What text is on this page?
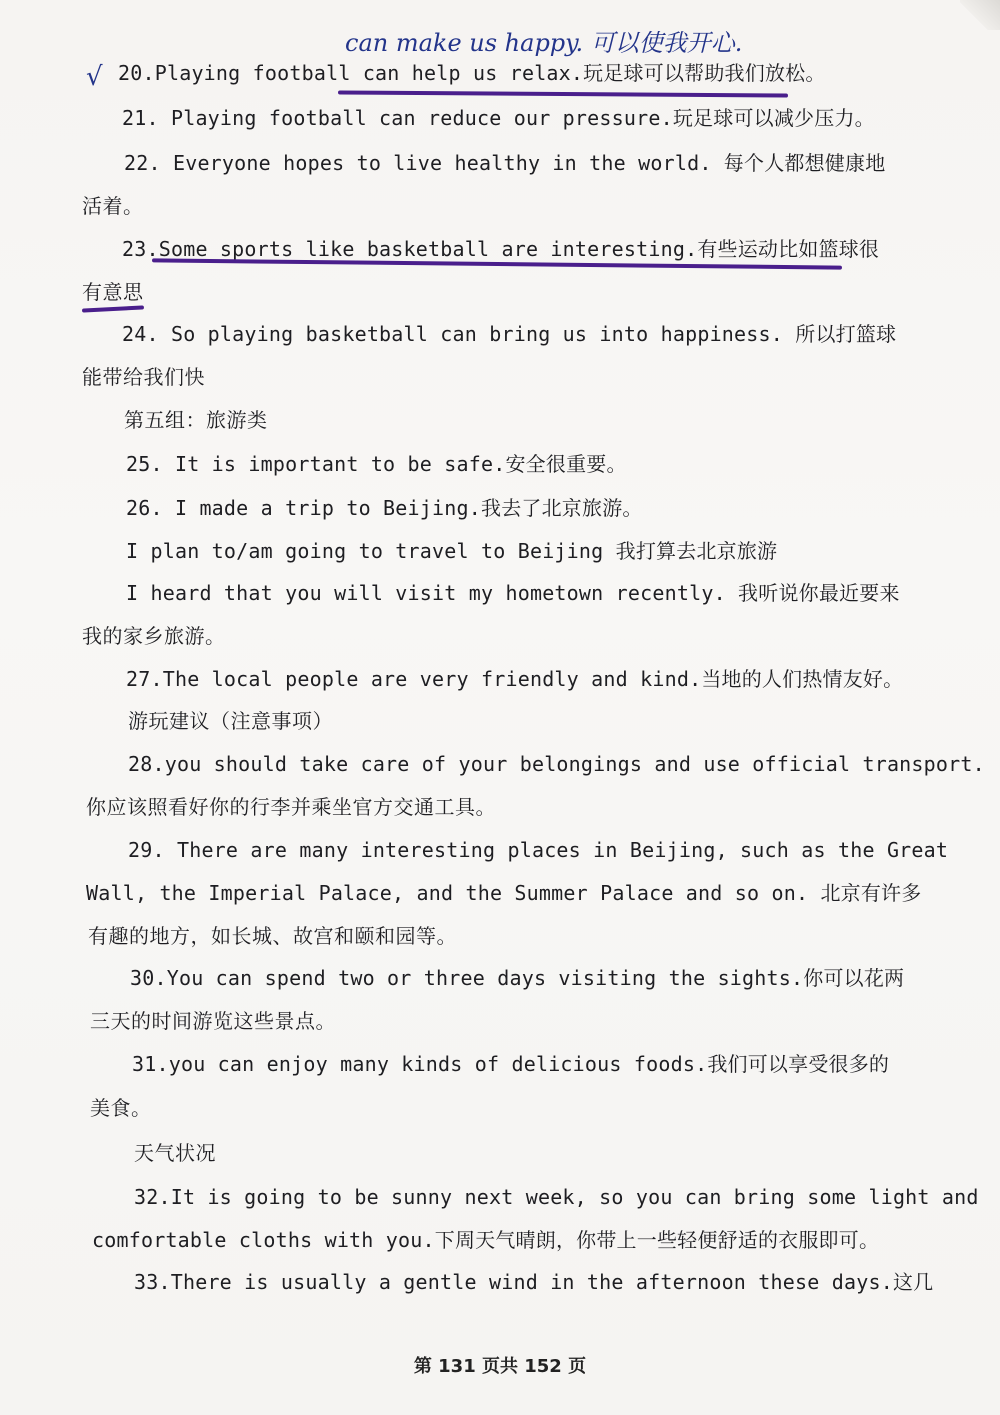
can make us happy. 可以使我开心.
√ 20.Playing football can help us relax.玩足球可以帮助我们放松。
21. Playing football can reduce our pressure.玩足球可以减少压力。
22. Everyone hopes to live healthy in the world. 每个人都想健康地
活着。
23.Some sports like basketball are interesting.有些运动比如篮球很
有意思
24. So playing basketball can bring us into happiness. 所以打篮球
能带给我们快
第五组：旅游类
25. It is important to be safe.安全很重要。
26. I made a trip to Beijing.我去了北京旅游。
I plan to/am going to travel to Beijing 我打算去北京旅游
I heard that you will visit my hometown recently. 我听说你最近要来
我的家乡旅游。
27.The local people are very friendly and kind.当地的人们热情友好。
游玩建议（注意事项）
28.you should take care of your belongings and use official transport.
你应该照看好你的行李并乘坐官方交通工具。
29. There are many interesting places in Beijing, such as the Great
Wall, the Imperial Palace, and the Summer Palace and so on. 北京有许多
有趣的地方，如长城、故宫和颐和园等。
30.You can spend two or three days visiting the sights.你可以花两
三天的时间游览这些景点。
31.you can enjoy many kinds of delicious foods.我们可以享受很多的
美食。
天气状况
32.It is going to be sunny next week, so you can bring some light and
comfortable cloths with you.下周天气晴朗，你带上一些轻便舒适的衣服即可。
33.There is usually a gentle wind in the afternoon these days.这几
第 131 页共 152 页
